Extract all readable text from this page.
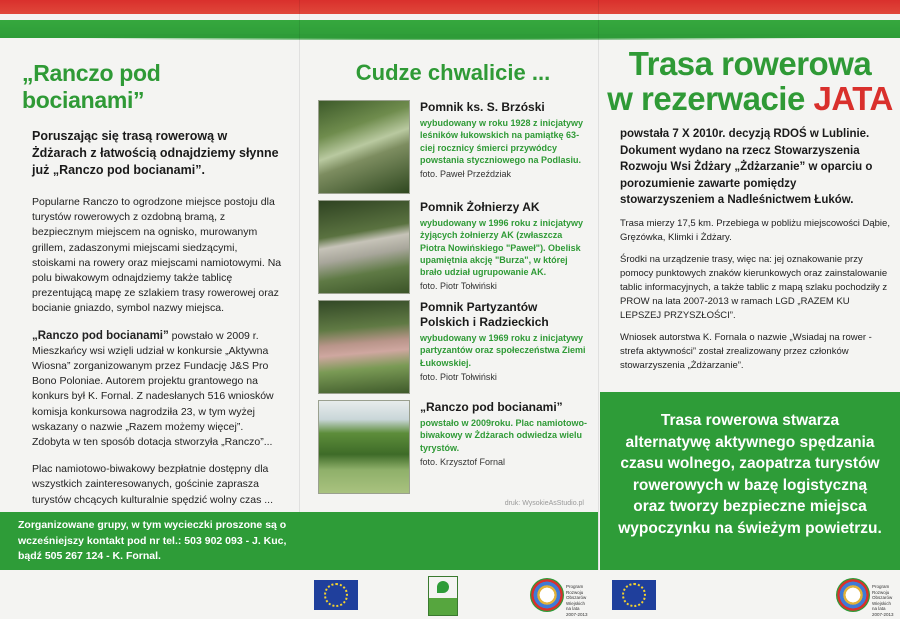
„Ranczo pod bocianami”
Poruszając się trasą rowerową w Żdżarach z łatwością odnajdziemy słynne już „Ranczo pod bocianami”.
Popularne Ranczo to ogrodzone miejsce postoju dla turystów rowerowych z ozdobną bramą, z bezpiecznym miejscem na ognisko, murowanym grillem, zadaszonymi miejscami siedzącymi, stoiskami na rowery oraz miejscami namiotowymi. Na polu biwakowym odnajdziemy także tablicę prezentującą mapę ze szlakiem trasy rowerowej oraz bocianie gniazdo, symbol nazwy miejsca.
„Ranczo pod bocianami” powstało w 2009 r. Mieszkańcy wsi wzięli udział w konkursie „Aktywna Wiosna” zorganizowanym przez Fundację J&S Pro Bono Poloniae. Autorem projektu grantowego na konkurs był K. Fornal. Z nadesłanych 516 wniosków komisja konkursowa nagrodziła 23, w tym wyżej wskazany o nazwie „Razem możemy więcej”. Zdobyta w ten sposób dotacja stworzyła „Ranczo”...
Plac namiotowo-biwakowy bezpłatnie dostępny dla wszystkich zainteresowanych, gościnie zaprasza turystów chcących kulturalnie spędzić wolny czas ...
Cudze chwalicie ...
Pomnik ks. S. Brzóski
wybudowany w roku 1928 z inicjatywy leśników łukowskich na pamiątkę 63-ciej rocznicy śmierci przywódcy powstania styczniowego na Podlasiu.
foto. Paweł Przeździak
Pomnik Żołnierzy AK
wybudowany w 1996 roku z inicjatywy żyjących żołnierzy AK (zwłaszcza Piotra Nowińskiego "Paweł"). Obelisk upamiętnia akcję "Burza", w której brało udział ugrupowanie AK.
foto. Piotr Tołwiński
Pomnik Partyzantów Polskich i Radzieckich
wybudowany w 1969 roku z inicjatywy partyzantów oraz społeczeństwa Ziemi Łukowskiej.
foto. Piotr Tołwiński
„Ranczo pod bocianami”
powstało w 2009roku. Plac namiotowo-biwakowy w Żdżarach odwiedza wielu tyrystów.
foto. Krzysztof Fornal
druk: WysokieAsStudio.pl
Trasa rowerowa
w rezerwacie JATA
powstała 7 X 2010r. decyzją RDOŚ w Lublinie. Dokument wydano na rzecz Stowarzyszenia Rozwoju Wsi Żdżary „Żdżarzanie” w oparciu o porozumienie zawarte pomiędzy stowarzyszeniem a Nadleśnictwem Łuków.
Trasa mierzy 17,5 km. Przebiega w pobliżu miejscowości Dąbie, Gręzówka, Klimki i Żdżary.
Środki na urządzenie trasy, więc na: jej oznakowanie przy pomocy punktowych znaków kierunkowych oraz zainstalowanie tablic informacyjnych, a także tablic z mapą szlaku pochodziły z PROW na lata 2007-2013 w ramach LGD „RAZEM KU LEPSZEJ PRZYSZŁOŚCI”.
Wniosek autorstwa K. Fornala o nazwie „Wsiadaj na rower - strefa aktywności” został zrealizowany przez członków stowarzyszenia „Żdżarzanie”.
Zorganizowane grupy, w tym wycieczki proszone są o wcześniejszy kontakt pod nr tel.: 503 902 093 - J. Kuc, bądź 505 267 124 - K. Fornal.
Trasa rowerowa stwarza alternatywę aktywnego spędzania czasu wolnego, zaopatrza turystów rowerowych w bazę logistyczną oraz tworzy bezpieczne miejsca wypoczynku na świeżym powietrzu.
Program Rozwoju Obszarów Wiejskich na lata 2007-2013
Program Rozwoju Obszarów Wiejskich na lata 2007-2013
